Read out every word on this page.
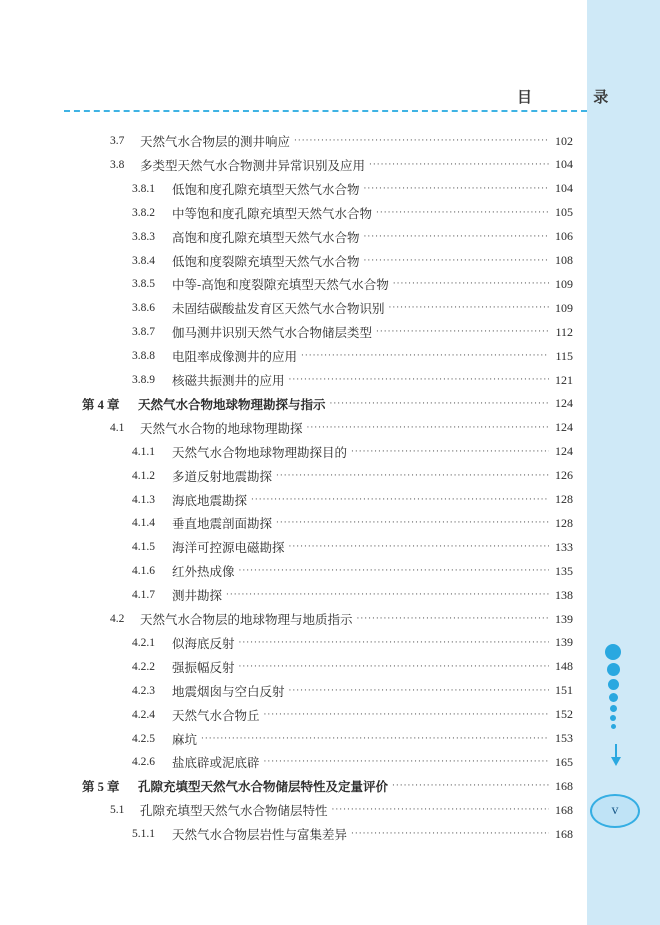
目 录
3.7	天然气水合物层的测井响应 ·····	102
3.8	多类型天然气水合物测井异常识别及应用 ·····	104
3.8.1	低饱和度孔隙充填型天然气水合物 ·····	104
3.8.2	中等饱和度孔隙充填型天然气水合物 ·····	105
3.8.3	高饱和度孔隙充填型天然气水合物 ·····	106
3.8.4	低饱和度裂隙充填型天然气水合物 ·····	108
3.8.5	中等-高饱和度裂隙充填型天然气水合物 ·····	109
3.8.6	未固结碳酸盐发育区天然气水合物识别 ·····	109
3.8.7	伽马测井识别天然气水合物储层类型 ·····	112
3.8.8	电阻率成像测井的应用 ·····	115
3.8.9	核磁共振测井的应用 ·····	121
第 4 章	天然气水合物地球物理勘探与指示 ·····	124
4.1	天然气水合物的地球物理勘探 ·····	124
4.1.1	天然气水合物地球物理勘探目的 ·····	124
4.1.2	多道反射地震勘探 ·····	126
4.1.3	海底地震勘探 ·····	128
4.1.4	垂直地震剖面勘探 ·····	128
4.1.5	海洋可控源电磁勘探 ·····	133
4.1.6	红外热成像 ·····	135
4.1.7	测井勘探 ·····	138
4.2	天然气水合物层的地球物理与地质指示 ·····	139
4.2.1	似海底反射 ·····	139
4.2.2	强振幅反射 ·····	148
4.2.3	地震烟囱与空白反射 ·····	151
4.2.4	天然气水合物丘 ·····	152
4.2.5	麻坑 ·····	153
4.2.6	盐底辟或泥底辟 ·····	165
第 5 章	孔隙充填型天然气水合物储层特性及定量评价 ·····	168
5.1	孔隙充填型天然气水合物储层特性 ·····	168
5.1.1	天然气水合物层岩性与富集差异 ·····	168
v
